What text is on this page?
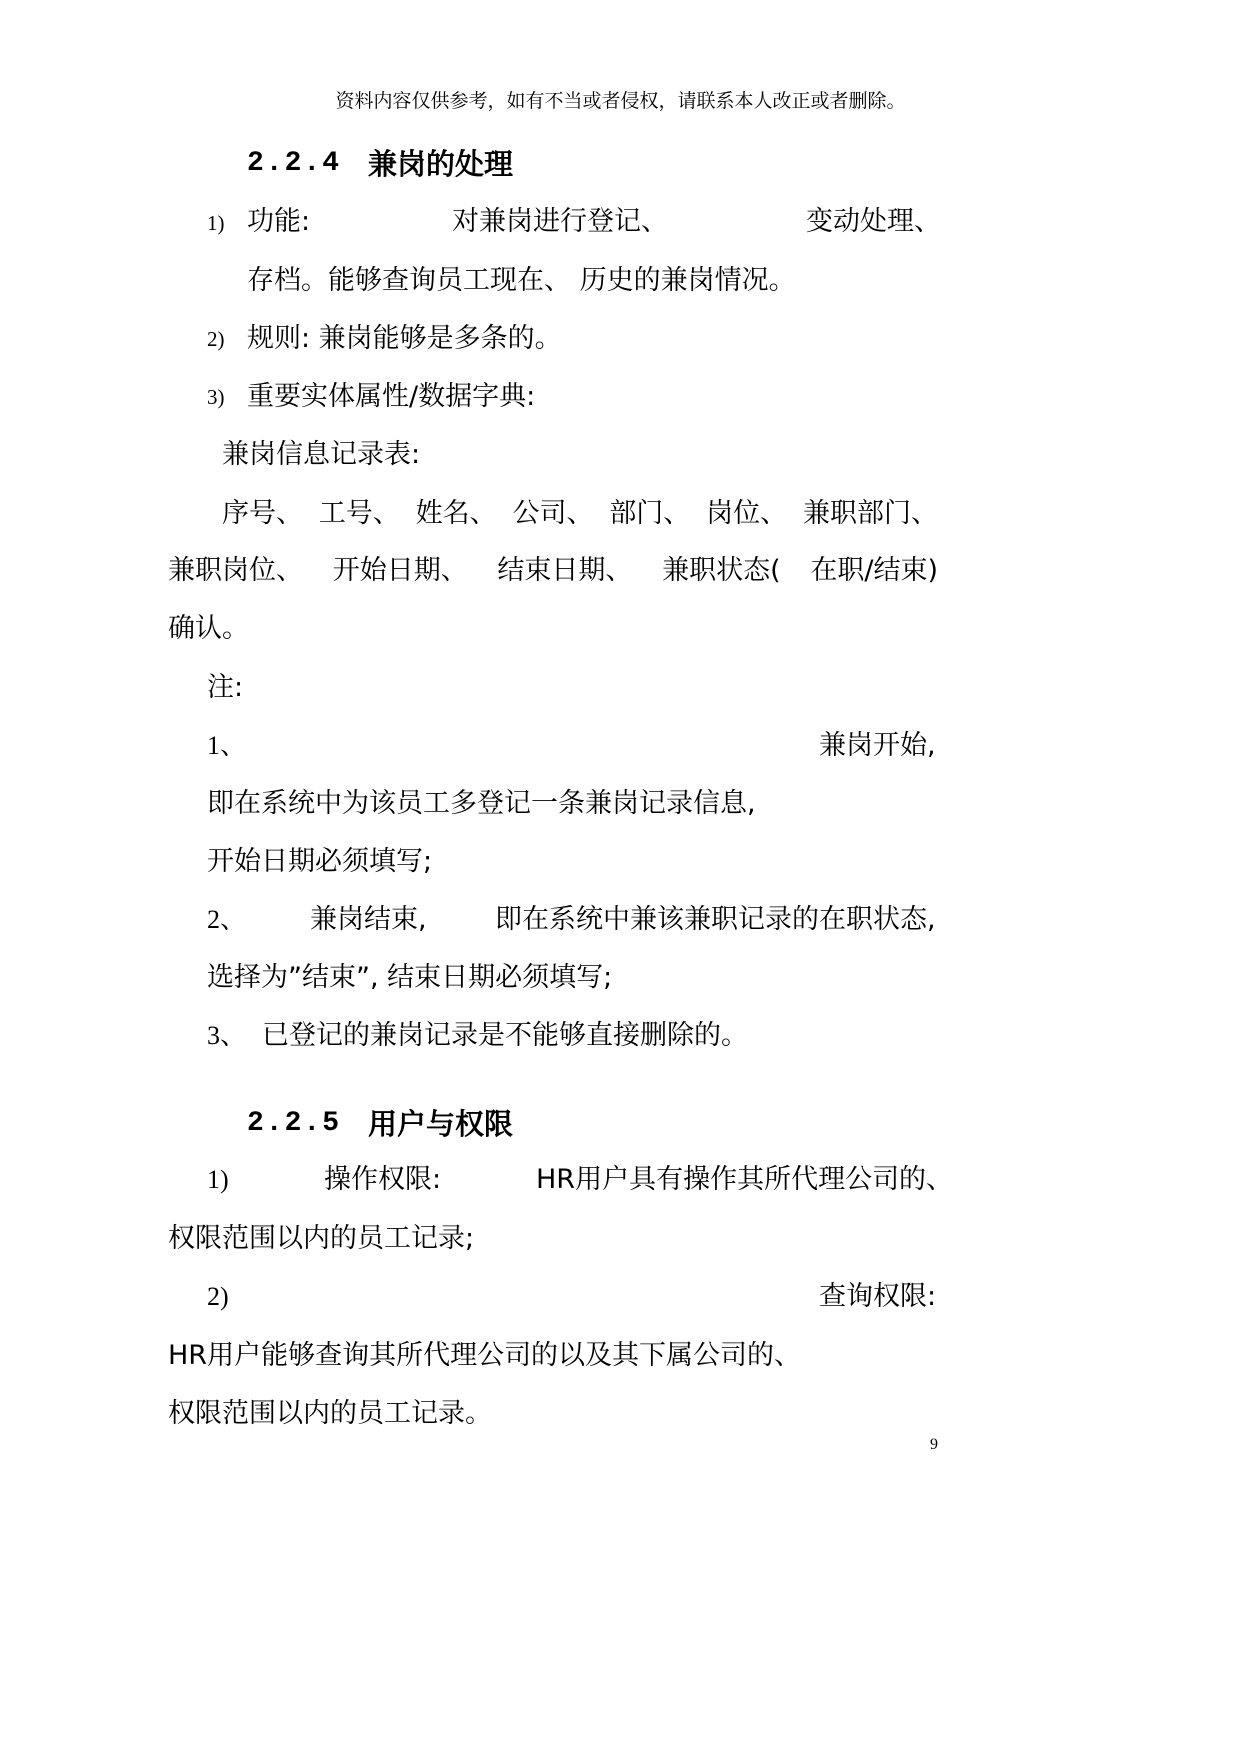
资料内容仅供参考，如有不当或者侵权，请联系本人改正或者删除。
2.2.4 兼岗的处理
1) 功能:	对兼岗进行登记、	变动处理、
存档。能够查询员工现在、 历史的兼岗情况。
2) 规则: 兼岗能够是多条的。
3) 重要实体属性/数据字典:
兼岗信息记录表:
序号、 工号、 姓名、 公司、 部门、 岗位、 兼职部门、
兼职岗位、 开始日期、 结束日期、 兼职状态( 在职/结束)
确认。
注:
1、	兼岗开始,
即在系统中为该员工多登记一条兼岗记录信息,
开始日期必须填写;
2、 兼岗结束,	即在系统中兼该兼职记录的在职状态,
选择为”结束”, 结束日期必须填写;
3、 已登记的兼岗记录是不能够直接删除的。
2.2.5 用户与权限
1)	操作权限:	HR用户具有操作其所代理公司的、
权限范围以内的员工记录;
2)	查询权限:
HR用户能够查询其所代理公司的以及其下属公司的、
权限范围以内的员工记录。
9
